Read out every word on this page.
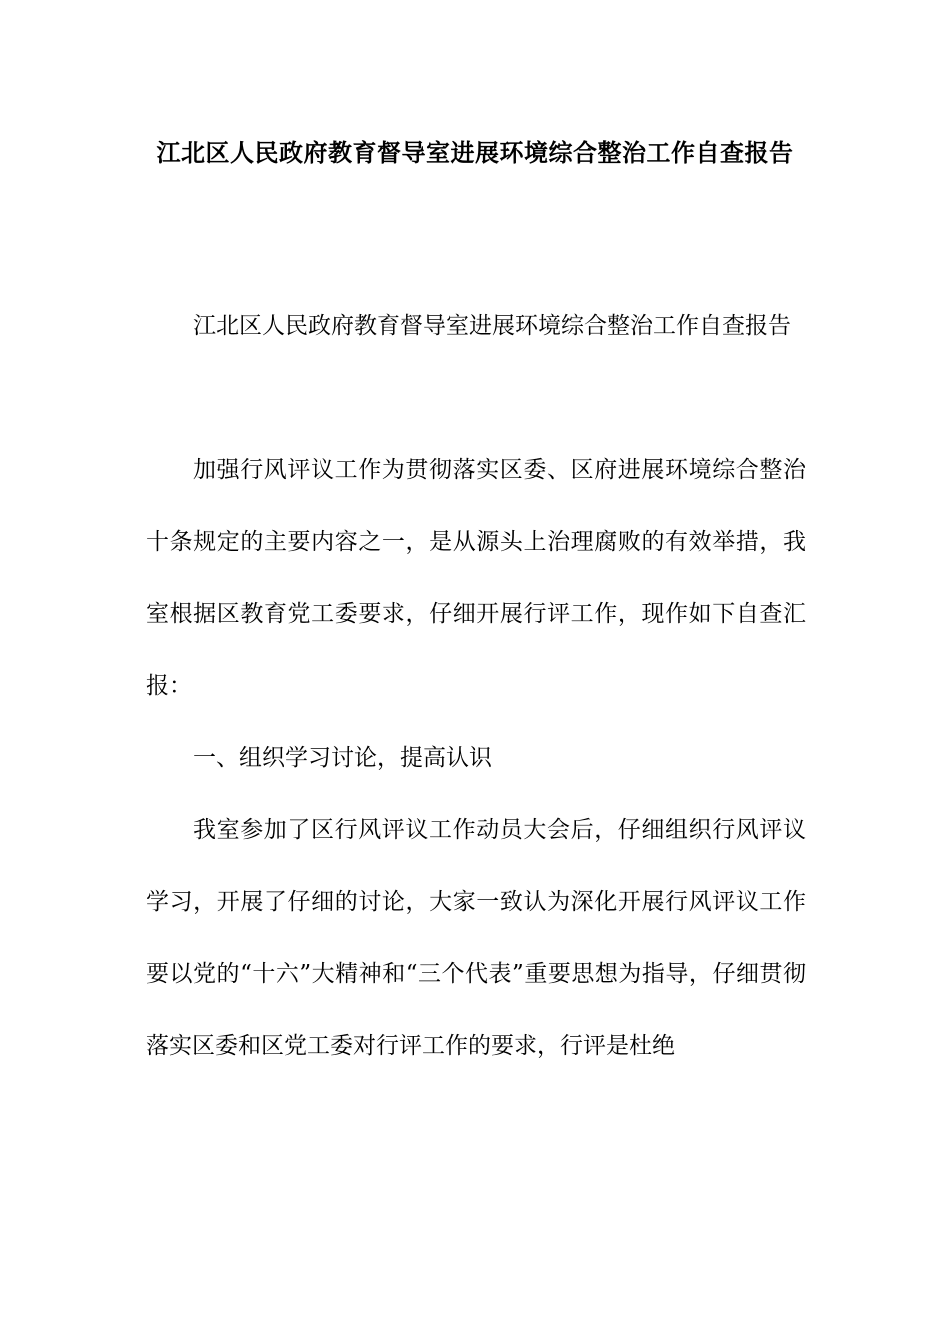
江北区人民政府教育督导室进展环境综合整治工作自查报告

江北区人民政府教育督导室进展环境综合整治工作自查报告

加强行风评议工作为贯彻落实区委、区府进展环境综合整治十条规定的主要内容之一，是从源头上治理腐败的有效举措，我室根据区教育党工委要求，仔细开展行评工作，现作如下自查汇报：

一、组织学习讨论，提高认识

我室参加了区行风评议工作动员大会后，仔细组织行风评议学习，开展了仔细的讨论，大家一致认为深化开展行风评议工作要以党的“十六”大精神和“三个代表”重要思想为指导，仔细贯彻落实区委和区党工委对行评工作的要求，行评是杜绝
